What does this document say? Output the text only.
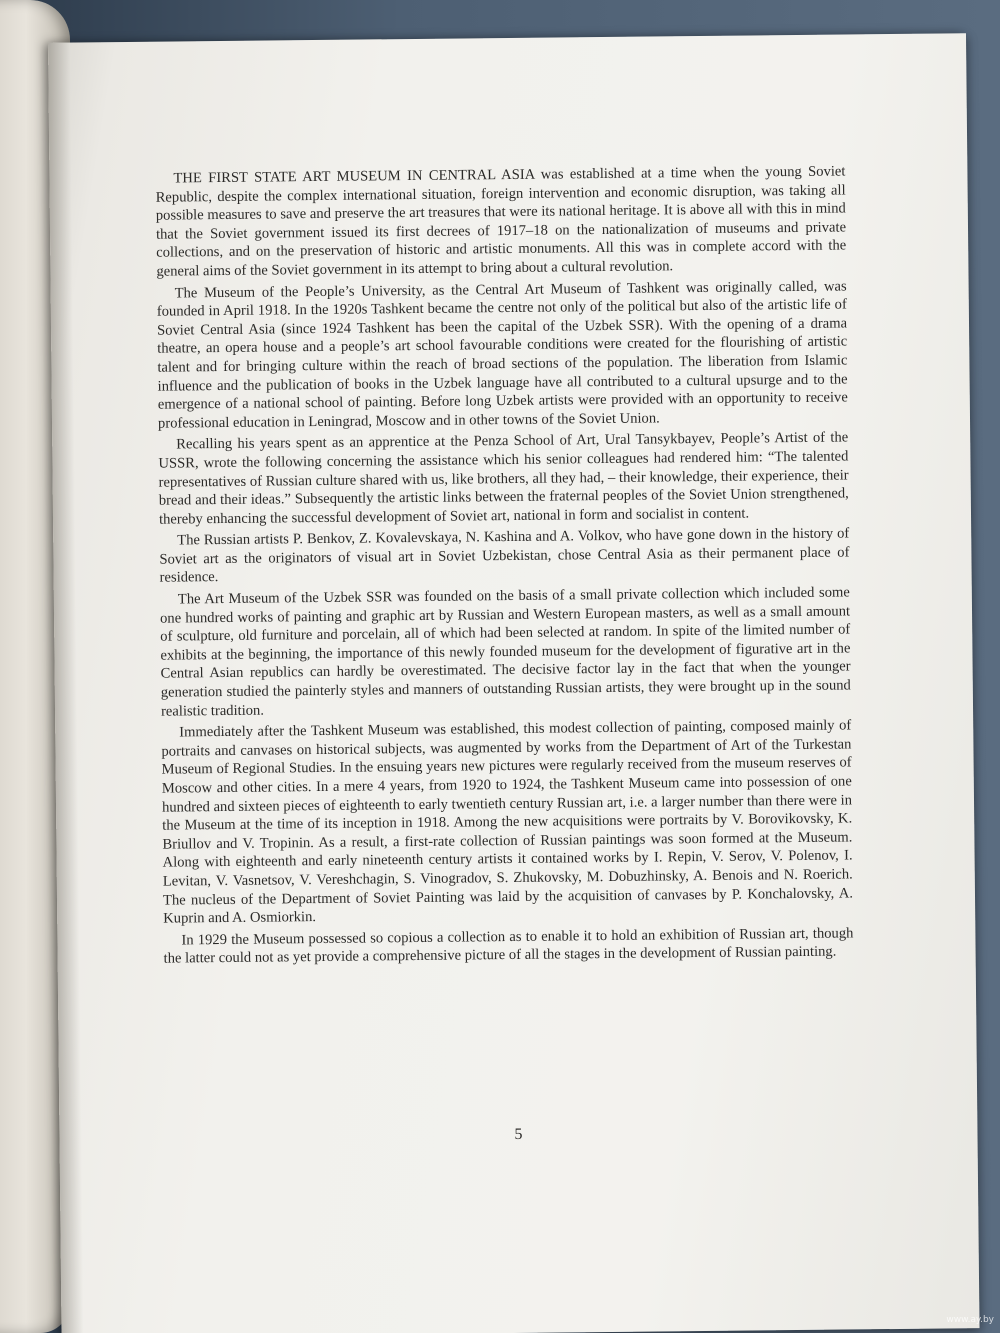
THE FIRST STATE ART MUSEUM IN CENTRAL ASIA was established at a time when the young Soviet Republic, despite the complex international situation, foreign intervention and economic disruption, was taking all possible measures to save and preserve the art treasures that were its national heritage. It is above all with this in mind that the Soviet government issued its first decrees of 1917–18 on the nationalization of museums and private collections, and on the preservation of historic and artistic monuments. All this was in complete accord with the general aims of the Soviet government in its attempt to bring about a cultural revolution.

The Museum of the People’s University, as the Central Art Museum of Tashkent was originally called, was founded in April 1918. In the 1920s Tashkent became the centre not only of the political but also of the artistic life of Soviet Central Asia (since 1924 Tashkent has been the capital of the Uzbek SSR). With the opening of a drama theatre, an opera house and a people’s art school favourable conditions were created for the flourishing of artistic talent and for bringing culture within the reach of broad sections of the population. The liberation from Islamic influence and the publication of books in the Uzbek language have all contributed to a cultural upsurge and to the emergence of a national school of painting. Before long Uzbek artists were provided with an opportunity to receive professional education in Leningrad, Moscow and in other towns of the Soviet Union.

Recalling his years spent as an apprentice at the Penza School of Art, Ural Tansykbayev, People’s Artist of the USSR, wrote the following concerning the assistance which his senior colleagues had rendered him: “The talented representatives of Russian culture shared with us, like brothers, all they had, – their knowledge, their experience, their bread and their ideas.” Subsequently the artistic links between the fraternal peoples of the Soviet Union strengthened, thereby enhancing the successful development of Soviet art, national in form and socialist in content.

The Russian artists P. Benkov, Z. Kovalevskaya, N. Kashina and A. Volkov, who have gone down in the history of Soviet art as the originators of visual art in Soviet Uzbekistan, chose Central Asia as their permanent place of residence.

The Art Museum of the Uzbek SSR was founded on the basis of a small private collection which included some one hundred works of painting and graphic art by Russian and Western European masters, as well as a small amount of sculpture, old furniture and porcelain, all of which had been selected at random. In spite of the limited number of exhibits at the beginning, the importance of this newly founded museum for the development of figurative art in the Central Asian republics can hardly be overestimated. The decisive factor lay in the fact that when the younger generation studied the painterly styles and manners of outstanding Russian artists, they were brought up in the sound realistic tradition.

Immediately after the Tashkent Museum was established, this modest collection of painting, composed mainly of portraits and canvases on historical subjects, was augmented by works from the Department of Art of the Turkestan Museum of Regional Studies. In the ensuing years new pictures were regularly received from the museum reserves of Moscow and other cities. In a mere 4 years, from 1920 to 1924, the Tashkent Museum came into possession of one hundred and sixteen pieces of eighteenth to early twentieth century Russian art, i.e. a larger number than there were in the Museum at the time of its inception in 1918. Among the new acquisitions were portraits by V. Borovikovsky, K. Briullov and V. Tropinin. As a result, a first-rate collection of Russian paintings was soon formed at the Museum. Along with eighteenth and early nineteenth century artists it contained works by I. Repin, V. Serov, V. Polenov, I. Levitan, V. Vasnetsov, V. Vereshchagin, S. Vinogradov, S. Zhukovsky, M. Dobuzhinsky, A. Benois and N. Roerich. The nucleus of the Department of Soviet Painting was laid by the acquisition of canvases by P. Konchalovsky, A. Kuprin and A. Osmiorkin.

In 1929 the Museum possessed so copious a collection as to enable it to hold an exhibition of Russian art, though the latter could not as yet provide a comprehensive picture of all the stages in the development of Russian painting.

5
www.ay.by
